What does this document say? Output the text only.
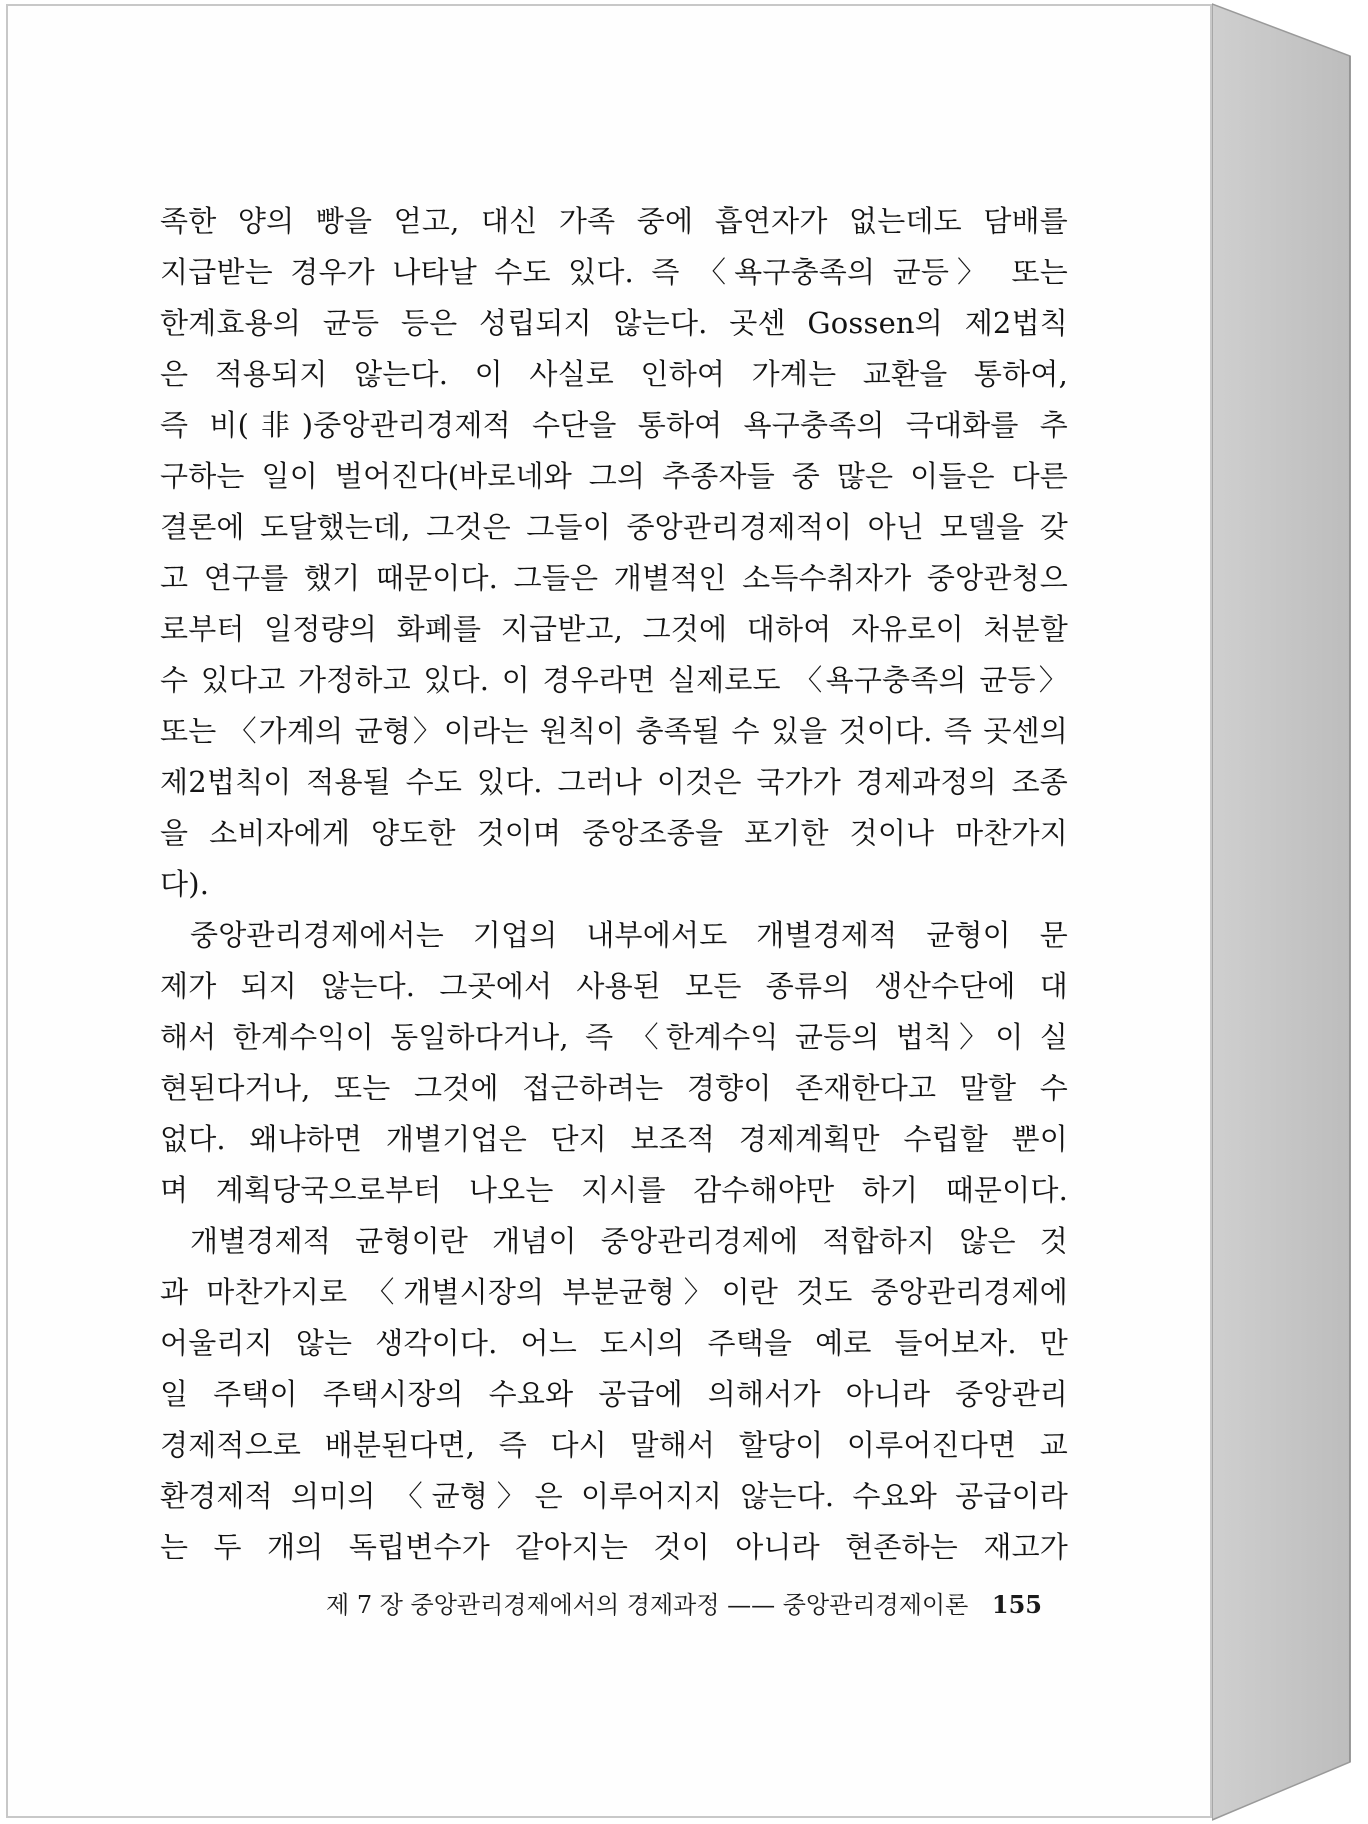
족한 양의 빵을 얻고, 대신 가족 중에 흡연자가 없는데도 담배를
지급받는 경우가 나타날 수도 있다. 즉 〈욕구충족의 균등〉 또는
한계효용의 균등 등은 성립되지 않는다. 곳센 Gossen의 제2법칙
은 적용되지 않는다. 이 사실로 인하여 가계는 교환을 통하여,
즉 비(非)중앙관리경제적 수단을 통하여 욕구충족의 극대화를 추
구하는 일이 벌어진다(바로네와 그의 추종자들 중 많은 이들은 다른
결론에 도달했는데, 그것은 그들이 중앙관리경제적이 아닌 모델을 갖
고 연구를 했기 때문이다. 그들은 개별적인 소득수취자가 중앙관청으
로부터 일정량의 화폐를 지급받고, 그것에 대하여 자유로이 처분할
수 있다고 가정하고 있다. 이 경우라면 실제로도 〈욕구충족의 균등〉
또는 〈가계의 균형〉이라는 원칙이 충족될 수 있을 것이다. 즉 곳센의
제2법칙이 적용될 수도 있다. 그러나 이것은 국가가 경제과정의 조종
을 소비자에게 양도한 것이며 중앙조종을 포기한 것이나 마찬가지
다).
중앙관리경제에서는 기업의 내부에서도 개별경제적 균형이 문
제가 되지 않는다. 그곳에서 사용된 모든 종류의 생산수단에 대
해서 한계수익이 동일하다거나, 즉 〈한계수익 균등의 법칙〉이 실
현된다거나, 또는 그것에 접근하려는 경향이 존재한다고 말할 수
없다. 왜냐하면 개별기업은 단지 보조적 경제계획만 수립할 뿐이
며 계획당국으로부터 나오는 지시를 감수해야만 하기 때문이다.
개별경제적 균형이란 개념이 중앙관리경제에 적합하지 않은 것
과 마찬가지로 〈개별시장의 부분균형〉이란 것도 중앙관리경제에
어울리지 않는 생각이다. 어느 도시의 주택을 예로 들어보자. 만
일 주택이 주택시장의 수요와 공급에 의해서가 아니라 중앙관리
경제적으로 배분된다면, 즉 다시 말해서 할당이 이루어진다면 교
환경제적 의미의 〈균형〉은 이루어지지 않는다. 수요와 공급이라
는 두 개의 독립변수가 같아지는 것이 아니라 현존하는 재고가
제 7 장 중앙관리경제에서의 경제과정 —— 중앙관리경제이론 155
